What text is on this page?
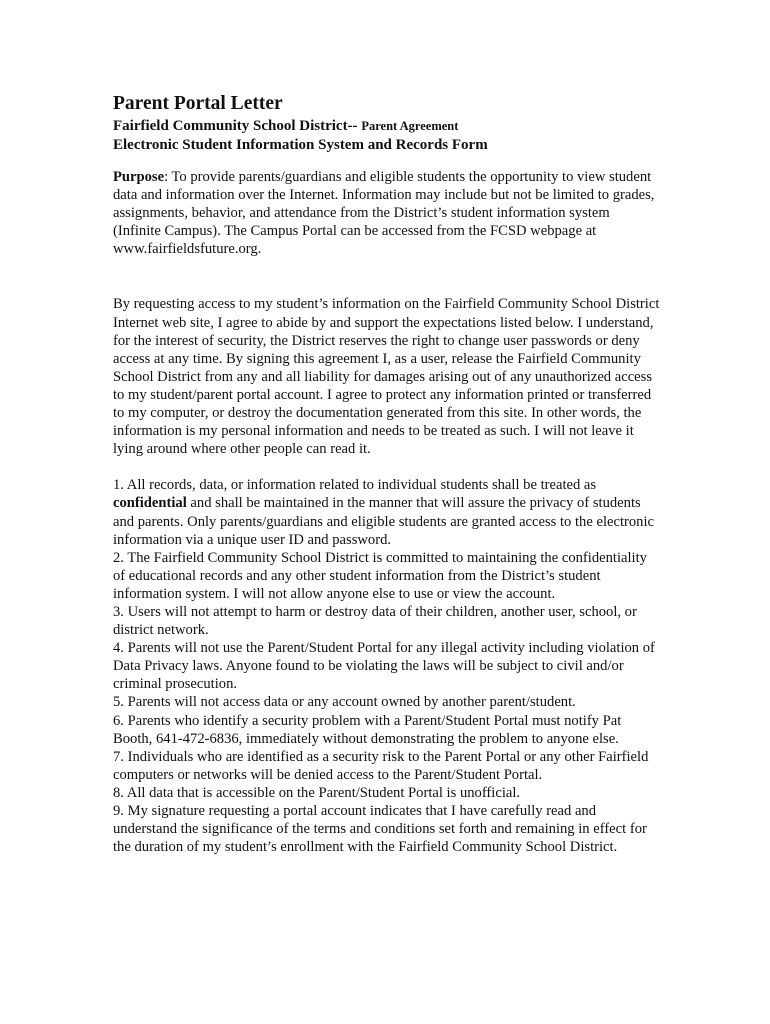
Parent Portal Letter
Fairfield Community School District-- Parent Agreement
Electronic Student Information System and Records Form

Purpose: To provide parents/guardians and eligible students the opportunity to view student data and information over the Internet. Information may include but not be limited to grades, assignments, behavior, and attendance from the District’s student information system (Infinite Campus). The Campus Portal can be accessed from the FCSD webpage at www.fairfieldsfuture.org.

By requesting access to my student’s information on the Fairfield Community School District Internet web site, I agree to abide by and support the expectations listed below. I understand, for the interest of security, the District reserves the right to change user passwords or deny access at any time. By signing this agreement I, as a user, release the Fairfield Community School District from any and all liability for damages arising out of any unauthorized access to my student/parent portal account. I agree to protect any information printed or transferred to my computer, or destroy the documentation generated from this site. In other words, the information is my personal information and needs to be treated as such. I will not leave it lying around where other people can read it.

1. All records, data, or information related to individual students shall be treated as confidential and shall be maintained in the manner that will assure the privacy of students and parents. Only parents/guardians and eligible students are granted access to the electronic information via a unique user ID and password.

2. The Fairfield Community School District is committed to maintaining the confidentiality of educational records and any other student information from the District’s student information system. I will not allow anyone else to use or view the account.

3. Users will not attempt to harm or destroy data of their children, another user, school, or district network.

4. Parents will not use the Parent/Student Portal for any illegal activity including violation of Data Privacy laws. Anyone found to be violating the laws will be subject to civil and/or criminal prosecution.

5. Parents will not access data or any account owned by another parent/student.

6. Parents who identify a security problem with a Parent/Student Portal must notify Pat Booth, 641-472-6836, immediately without demonstrating the problem to anyone else.

7. Individuals who are identified as a security risk to the Parent Portal or any other Fairfield computers or networks will be denied access to the Parent/Student Portal.

8. All data that is accessible on the Parent/Student Portal is unofficial.

9. My signature requesting a portal account indicates that I have carefully read and understand the significance of the terms and conditions set forth and remaining in effect for the duration of my student’s enrollment with the Fairfield Community School District.
